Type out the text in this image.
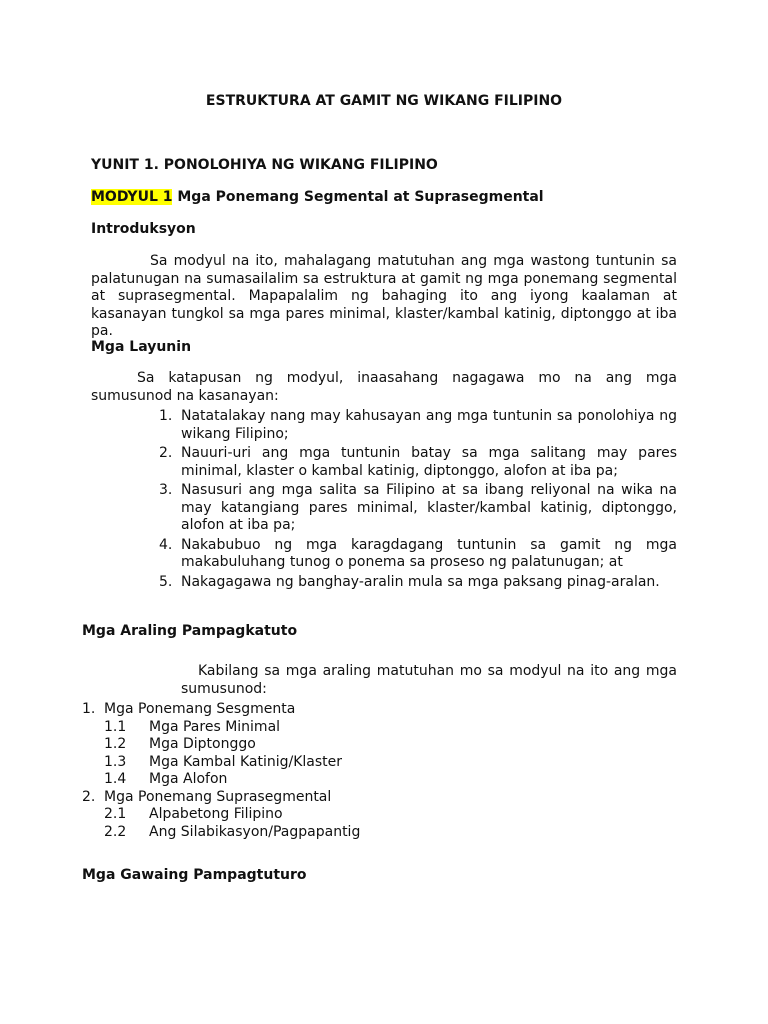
ESTRUKTURA AT GAMIT NG WIKANG FILIPINO
YUNIT 1. PONOLOHIYA NG WIKANG FILIPINO
MODYUL 1 Mga Ponemang Segmental at Suprasegmental
Introduksyon
Sa modyul na ito, mahalagang matutuhan ang mga wastong tuntunin sa palatunugan na sumasailalim sa estruktura at gamit ng mga ponemang segmental at suprasegmental. Mapapalalim ng bahaging ito ang iyong kaalaman at kasanayan tungkol sa mga pares minimal, klaster/kambal katinig, diptonggo at iba pa.
Mga Layunin
Sa katapusan ng modyul, inaasahang nagagawa mo na ang mga sumusunod na kasanayan:
1. Natatalakay nang may kahusayan ang mga tuntunin sa ponolohiya ng wikang Filipino;
2. Nauuri-uri ang mga tuntunin batay sa mga salitang may pares minimal, klaster o kambal katinig, diptonggo, alofon at iba pa;
3. Nasusuri ang mga salita sa Filipino at sa ibang reliyonal na wika na may katangiang pares minimal, klaster/kambal katinig, diptonggo, alofon at iba pa;
4. Nakabubuo ng mga karagdagang tuntunin sa gamit ng mga makabuluhang tunog o ponema sa proseso ng palatunugan; at
5. Nakagagawa ng banghay-aralin mula sa mga paksang pinag-aralan.
Mga Araling Pampagkatuto
Kabilang sa mga araling matutuhan mo sa modyul na ito ang mga sumusunod:
1. Mga Ponemang Sesgmenta
1.1 Mga Pares Minimal
1.2 Mga Diptonggo
1.3 Mga Kambal Katinig/Klaster
1.4 Mga Alofon
2. Mga Ponemang Suprasegmental
2.1 Alpabetong Filipino
2.2 Ang Silabikasyon/Pagpapantig
Mga Gawaing Pampagtuturo
